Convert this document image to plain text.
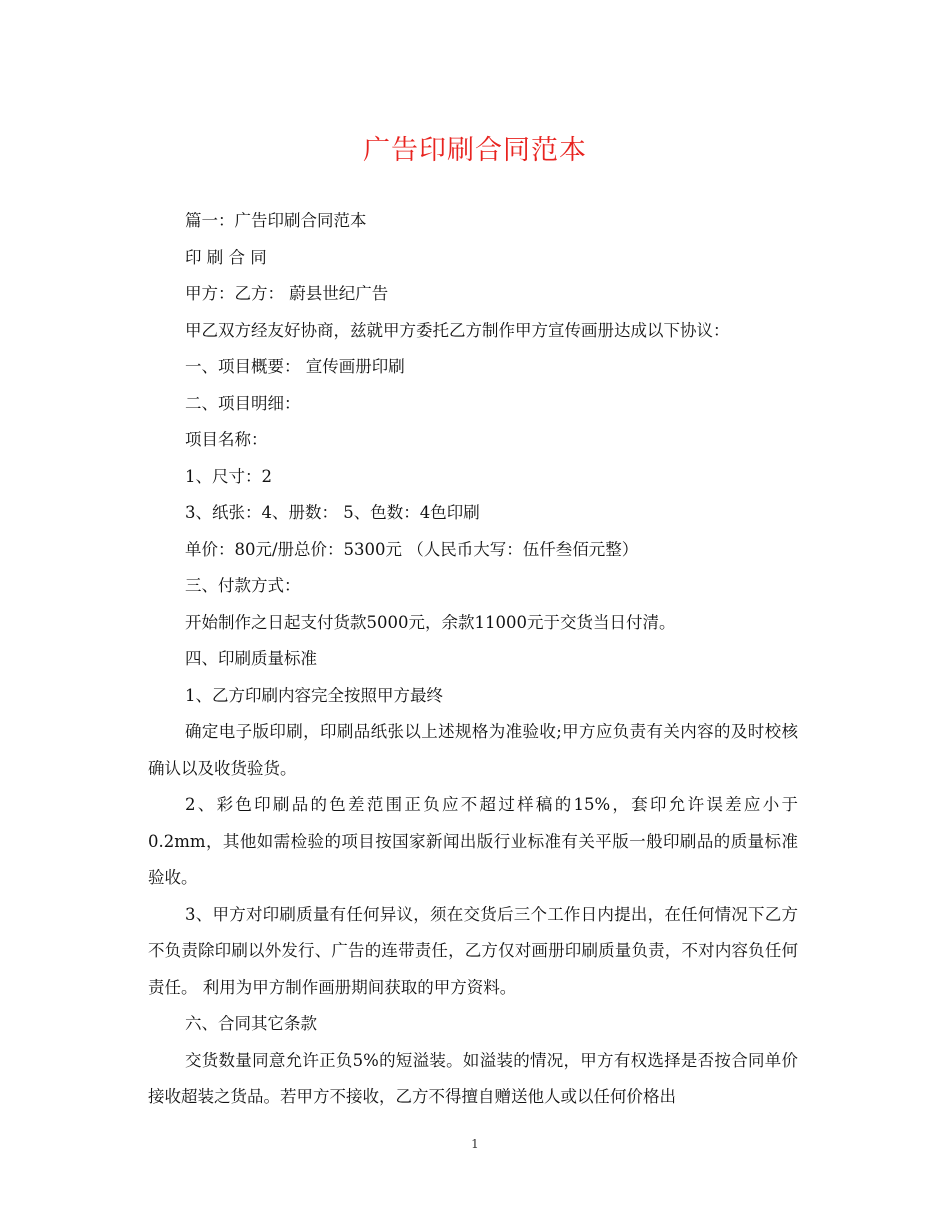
广告印刷合同范本

篇一：广告印刷合同范本

印 刷 合 同

甲方：乙方： 蔚县世纪广告

甲乙双方经友好协商，兹就甲方委托乙方制作甲方宣传画册达成以下协议：

一、项目概要： 宣传画册印刷

二、项目明细：

项目名称：

1、尺寸：2

3、纸张：4、册数： 5、色数：4色印刷

单价：80元/册总价：5300元 （人民币大写：伍仟叁佰元整）

三、付款方式：

开始制作之日起支付货款5000元，余款11000元于交货当日付清。

四、印刷质量标准

1、乙方印刷内容完全按照甲方最终

确定电子版印刷，印刷品纸张以上述规格为准验收;甲方应负责有关内容的及时校核确认以及收货验货。

2、彩色印刷品的色差范围正负应不超过样稿的15%，套印允许误差应小于0.2mm，其他如需检验的项目按国家新闻出版行业标准有关平版一般印刷品的质量标准验收。

3、甲方对印刷质量有任何异议，须在交货后三个工作日内提出，在任何情况下乙方不负责除印刷以外发行、广告的连带责任，乙方仅对画册印刷质量负责，不对内容负任何责任。 利用为甲方制作画册期间获取的甲方资料。

六、合同其它条款

交货数量同意允许正负5%的短溢装。如溢装的情况，甲方有权选择是否按合同单价接收超装之货品。若甲方不接收，乙方不得擅自赠送他人或以任何价格出

1
